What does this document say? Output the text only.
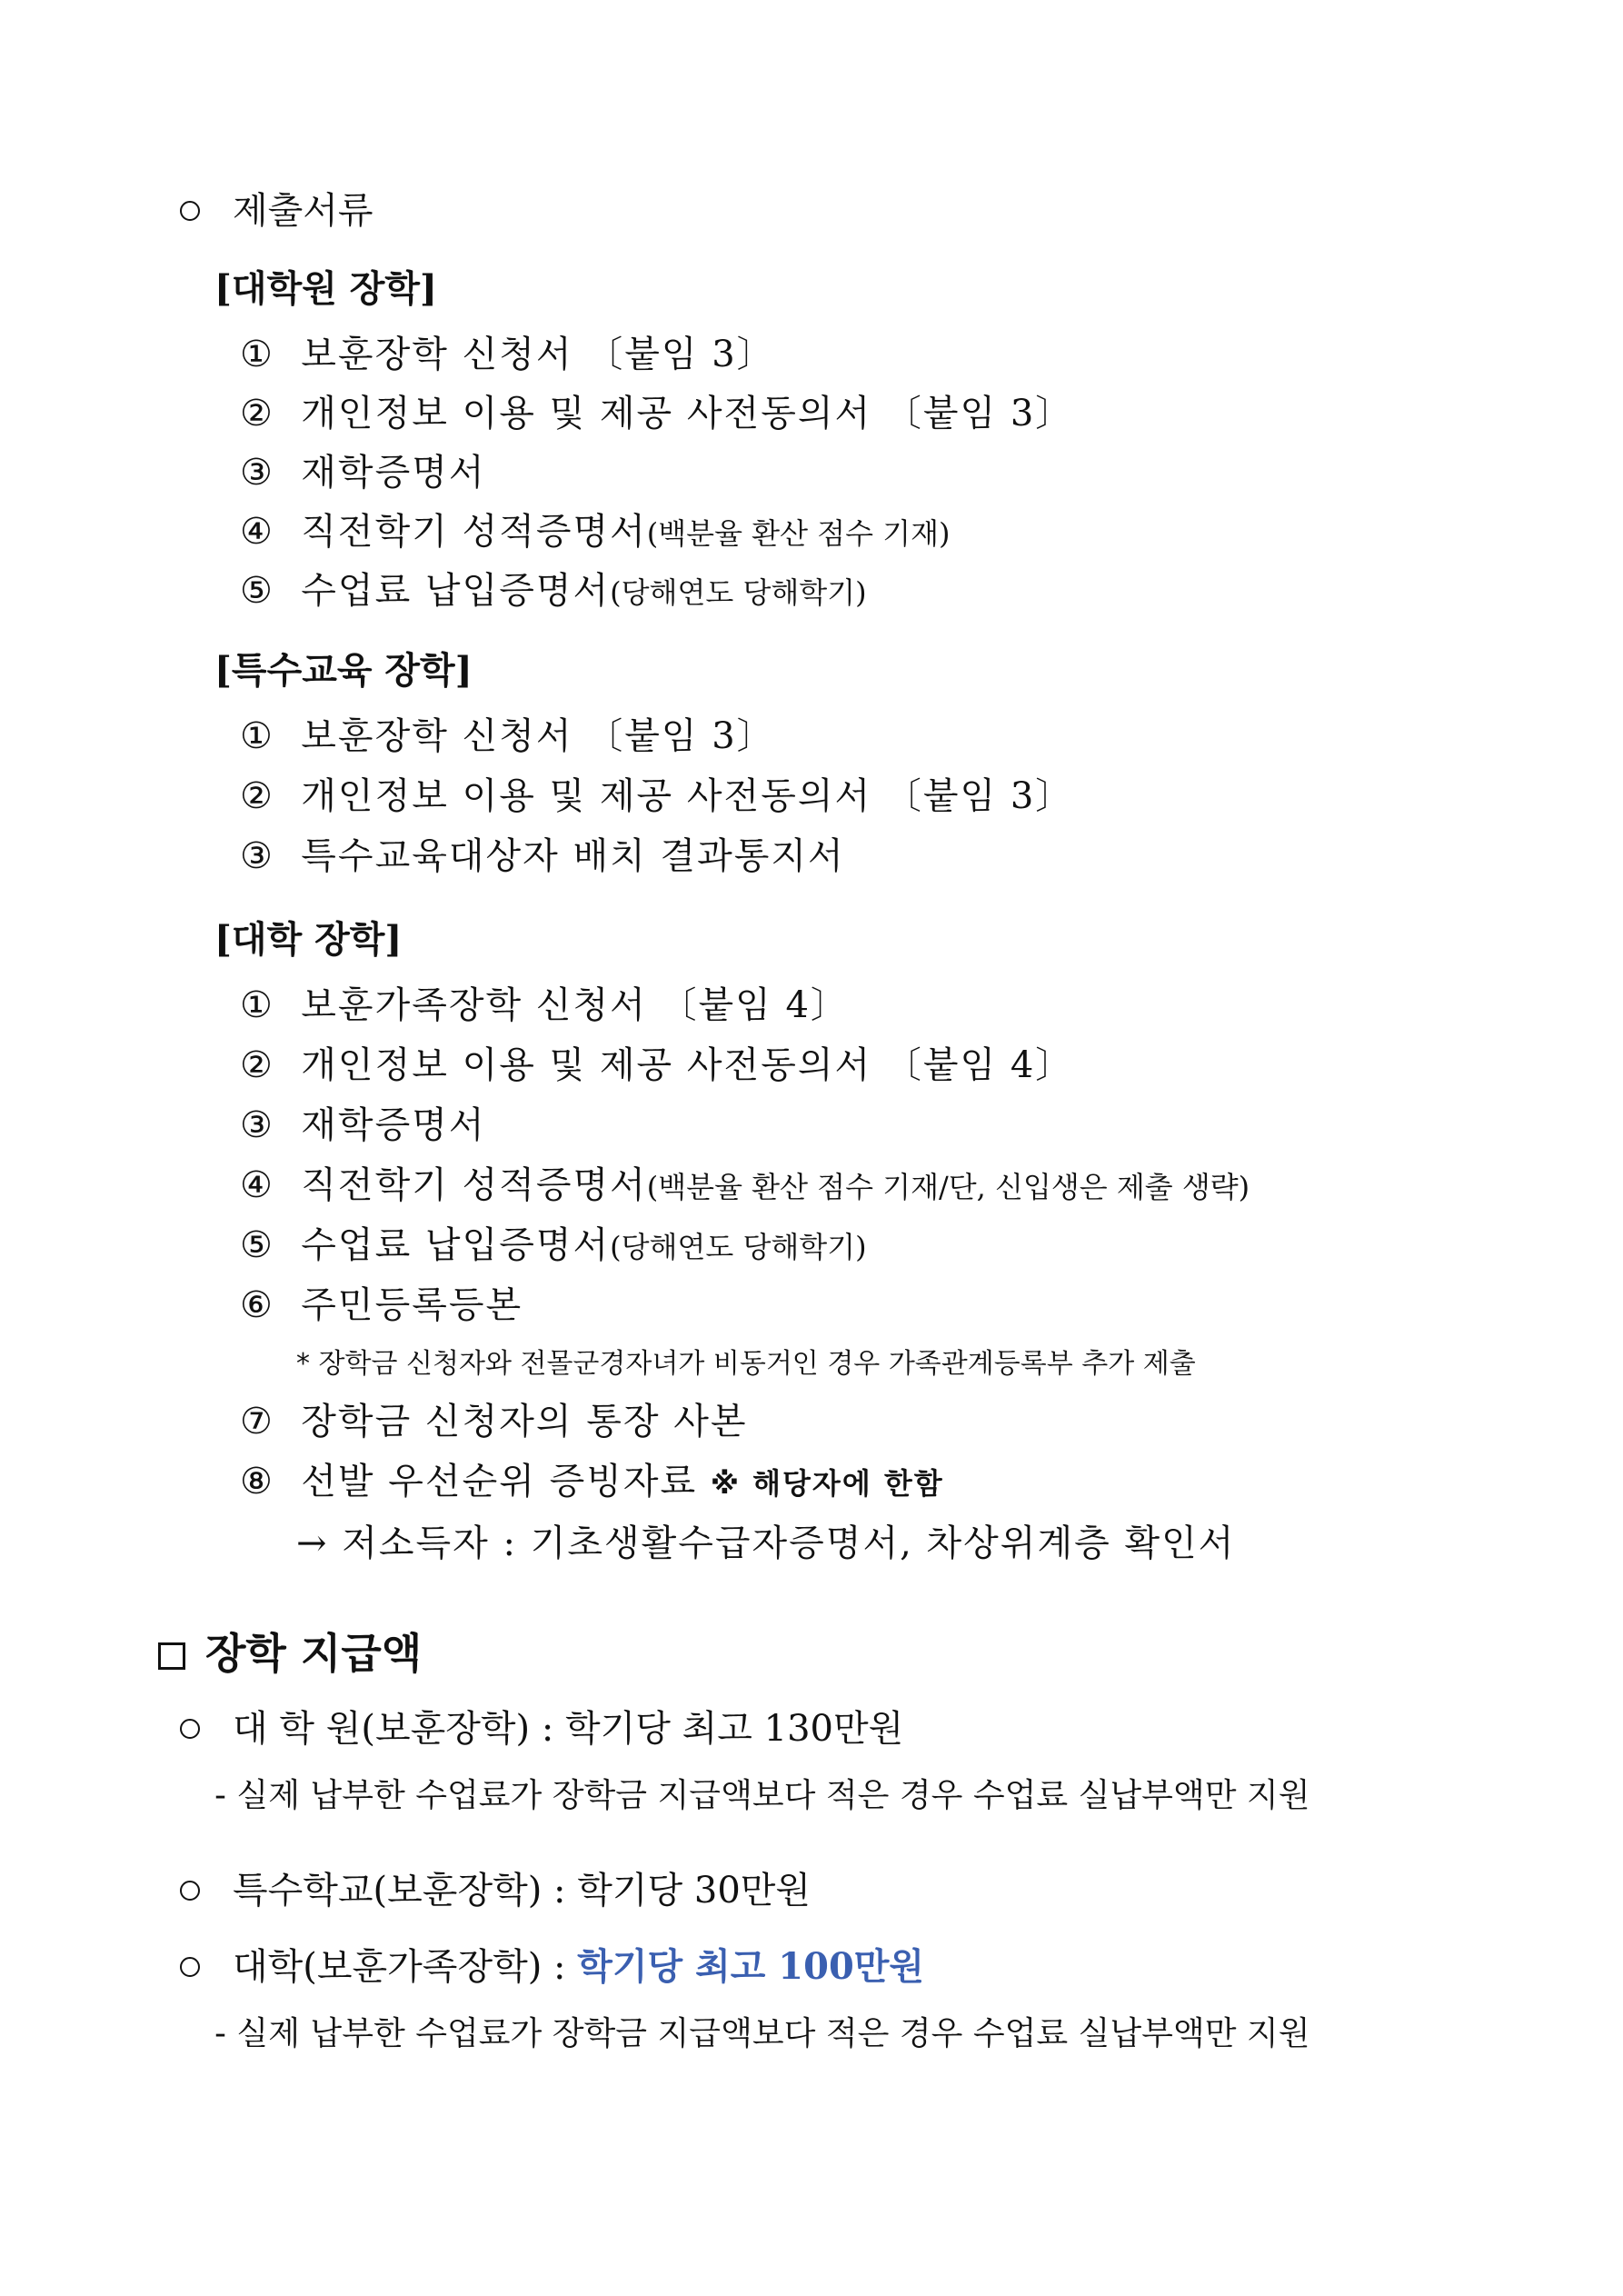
제출서류
[대학원 장학]
① 보훈장학 신청서 〔붙임 3〕
② 개인정보 이용 및 제공 사전동의서 〔붙임 3〕
③ 재학증명서
④ 직전학기 성적증명서(백분율 환산 점수 기재)
⑤ 수업료 납입증명서(당해연도 당해학기)
[특수교육 장학]
① 보훈장학 신청서 〔붙임 3〕
② 개인정보 이용 및 제공 사전동의서 〔붙임 3〕
③ 특수교육대상자 배치 결과통지서
[대학 장학]
① 보훈가족장학 신청서 〔붙임 4〕
② 개인정보 이용 및 제공 사전동의서 〔붙임 4〕
③ 재학증명서
④ 직전학기 성적증명서(백분율 환산 점수 기재/단, 신입생은 제출 생략)
⑤ 수업료 납입증명서(당해연도 당해학기)
⑥ 주민등록등본
* 장학금 신청자와 전몰군경자녀가 비동거인 경우 가족관계등록부 추가 제출
⑦ 장학금 신청자의 통장 사본
⑧ 선발 우선순위 증빙자료 ※ 해당자에 한함
→ 저소득자 : 기초생활수급자증명서, 차상위계층 확인서
장학 지급액
대 학 원(보훈장학) : 학기당 최고 130만원
- 실제 납부한 수업료가 장학금 지급액보다 적은 경우 수업료 실납부액만 지원
특수학교(보훈장학) : 학기당 30만원
대학(보훈가족장학) : 학기당 최고 100만원
- 실제 납부한 수업료가 장학금 지급액보다 적은 경우 수업료 실납부액만 지원
